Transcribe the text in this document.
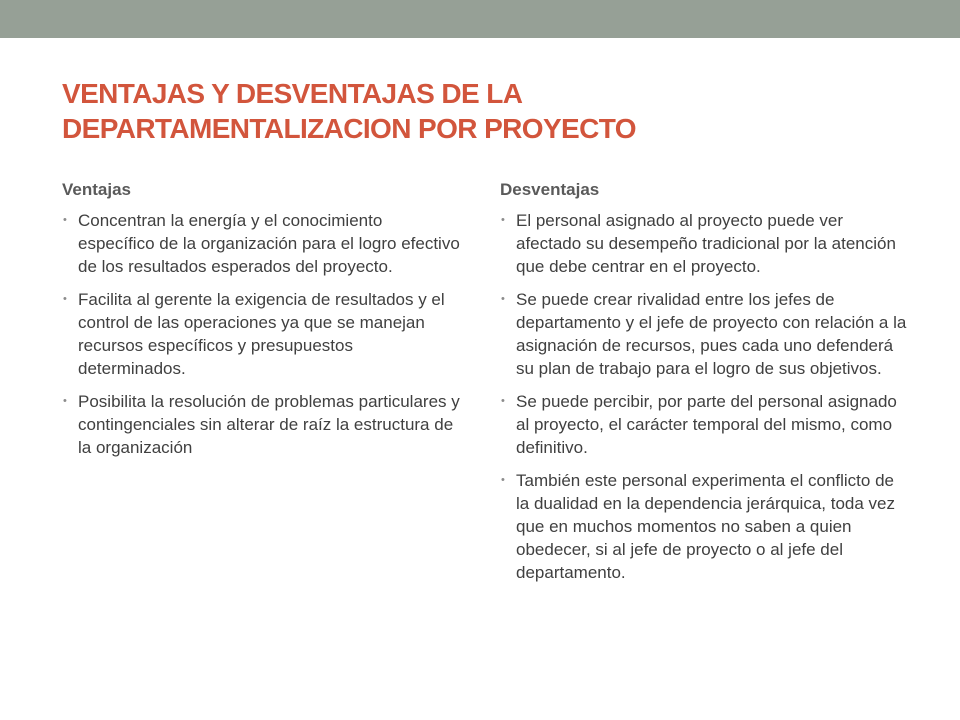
VENTAJAS Y DESVENTAJAS DE LA
DEPARTAMENTALIZACION POR PROYECTO
Ventajas
• Concentran la energía y el conocimiento específico de la organización para el logro efectivo de los resultados esperados del proyecto.
• Facilita al gerente la exigencia de resultados y el control de las operaciones ya que se manejan recursos específicos y presupuestos determinados.
• Posibilita la resolución de problemas particulares y contingenciales sin alterar de raíz la estructura de la organización
Desventajas
• El personal asignado al proyecto puede ver afectado su desempeño tradicional por la atención que debe centrar en el proyecto.
• Se puede crear rivalidad entre los jefes de departamento y el jefe de proyecto con relación a la asignación de recursos, pues cada uno defenderá su plan de trabajo para el logro de sus objetivos.
• Se puede percibir, por parte del personal asignado al proyecto, el carácter temporal del mismo, como definitivo.
• También este personal experimenta el conflicto de la dualidad en la dependencia jerárquica, toda vez que en muchos momentos no saben a quien obedecer, si al jefe de proyecto o al jefe del departamento.
